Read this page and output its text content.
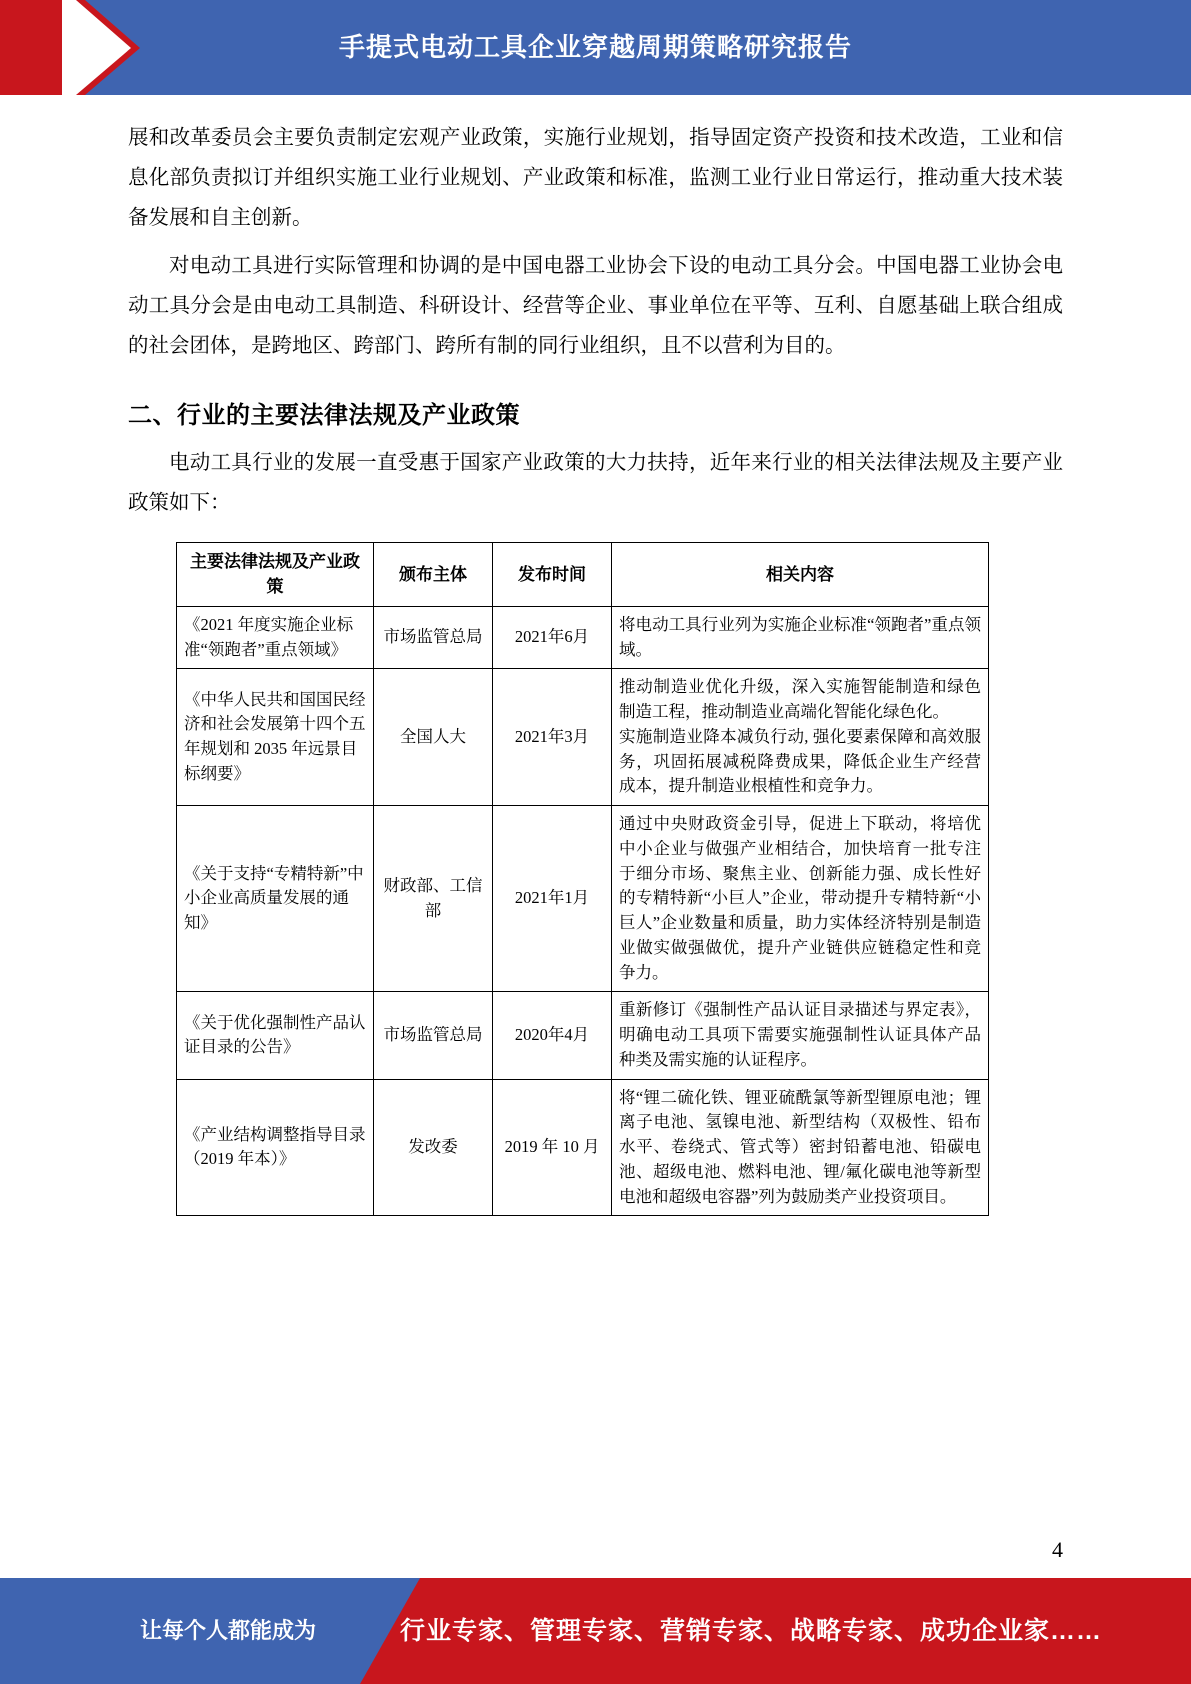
手提式电动工具企业穿越周期策略研究报告

展和改革委员会主要负责制定宏观产业政策，实施行业规划，指导固定资产投资和技术改造，工业和信息化部负责拟订并组织实施工业行业规划、产业政策和标准，监测工业行业日常运行，推动重大技术装备发展和自主创新。

对电动工具进行实际管理和协调的是中国电器工业协会下设的电动工具分会。中国电器工业协会电动工具分会是由电动工具制造、科研设计、经营等企业、事业单位在平等、互利、自愿基础上联合组成的社会团体，是跨地区、跨部门、跨所有制的同行业组织，且不以营利为目的。

二、行业的主要法律法规及产业政策

电动工具行业的发展一直受惠于国家产业政策的大力扶持，近年来行业的相关法律法规及主要产业政策如下：

主要法律法规及产业政策	颁布主体	发布时间	相关内容
《2021 年度实施企业标准“领跑者”重点领域》	市场监管总局	2021年6月	将电动工具行业列为实施企业标准“领跑者”重点领域。

《中华人民共和国国民经济和社会发展第十四个五年规划和 2035 年远景目标纲要》	全国人大	2021年3月	推动制造业优化升级，深入实施智能制造和绿色制造工程，推动制造业高端化智能化绿色化。
实施制造业降本减负行动, 强化要素保障和高效服务，巩固拓展减税降费成果，降低企业生产经营成本，提升制造业根植性和竞争力。

《关于支持“专精特新”中小企业高质量发展的通知》	财政部、工信部	2021年1月	通过中央财政资金引导，促进上下联动，将培优中小企业与做强产业相结合，加快培育一批专注于细分市场、聚焦主业、创新能力强、成长性好的专精特新“小巨人”企业，带动提升专精特新“小巨人”企业数量和质量，助力实体经济特别是制造业做实做强做优，提升产业链供应链稳定性和竞争力。

《关于优化强制性产品认证目录的公告》	市场监管总局	2020年4月	重新修订《强制性产品认证目录描述与界定表》，明确电动工具项下需要实施强制性认证具体产品种类及需实施的认证程序。

《产业结构调整指导目录（2019 年本）》	发改委	2019 年 10 月	将“锂二硫化铁、锂亚硫酰氯等新型锂原电池；锂离子电池、氢镍电池、新型结构（双极性、铅布水平、卷绕式、管式等）密封铅蓄电池、铅碳电池、超级电池、燃料电池、锂/氟化碳电池等新型电池和超级电容器”列为鼓励类产业投资项目。
4
让每个人都能成为	行业专家、管理专家、营销专家、战略专家、成功企业家……
